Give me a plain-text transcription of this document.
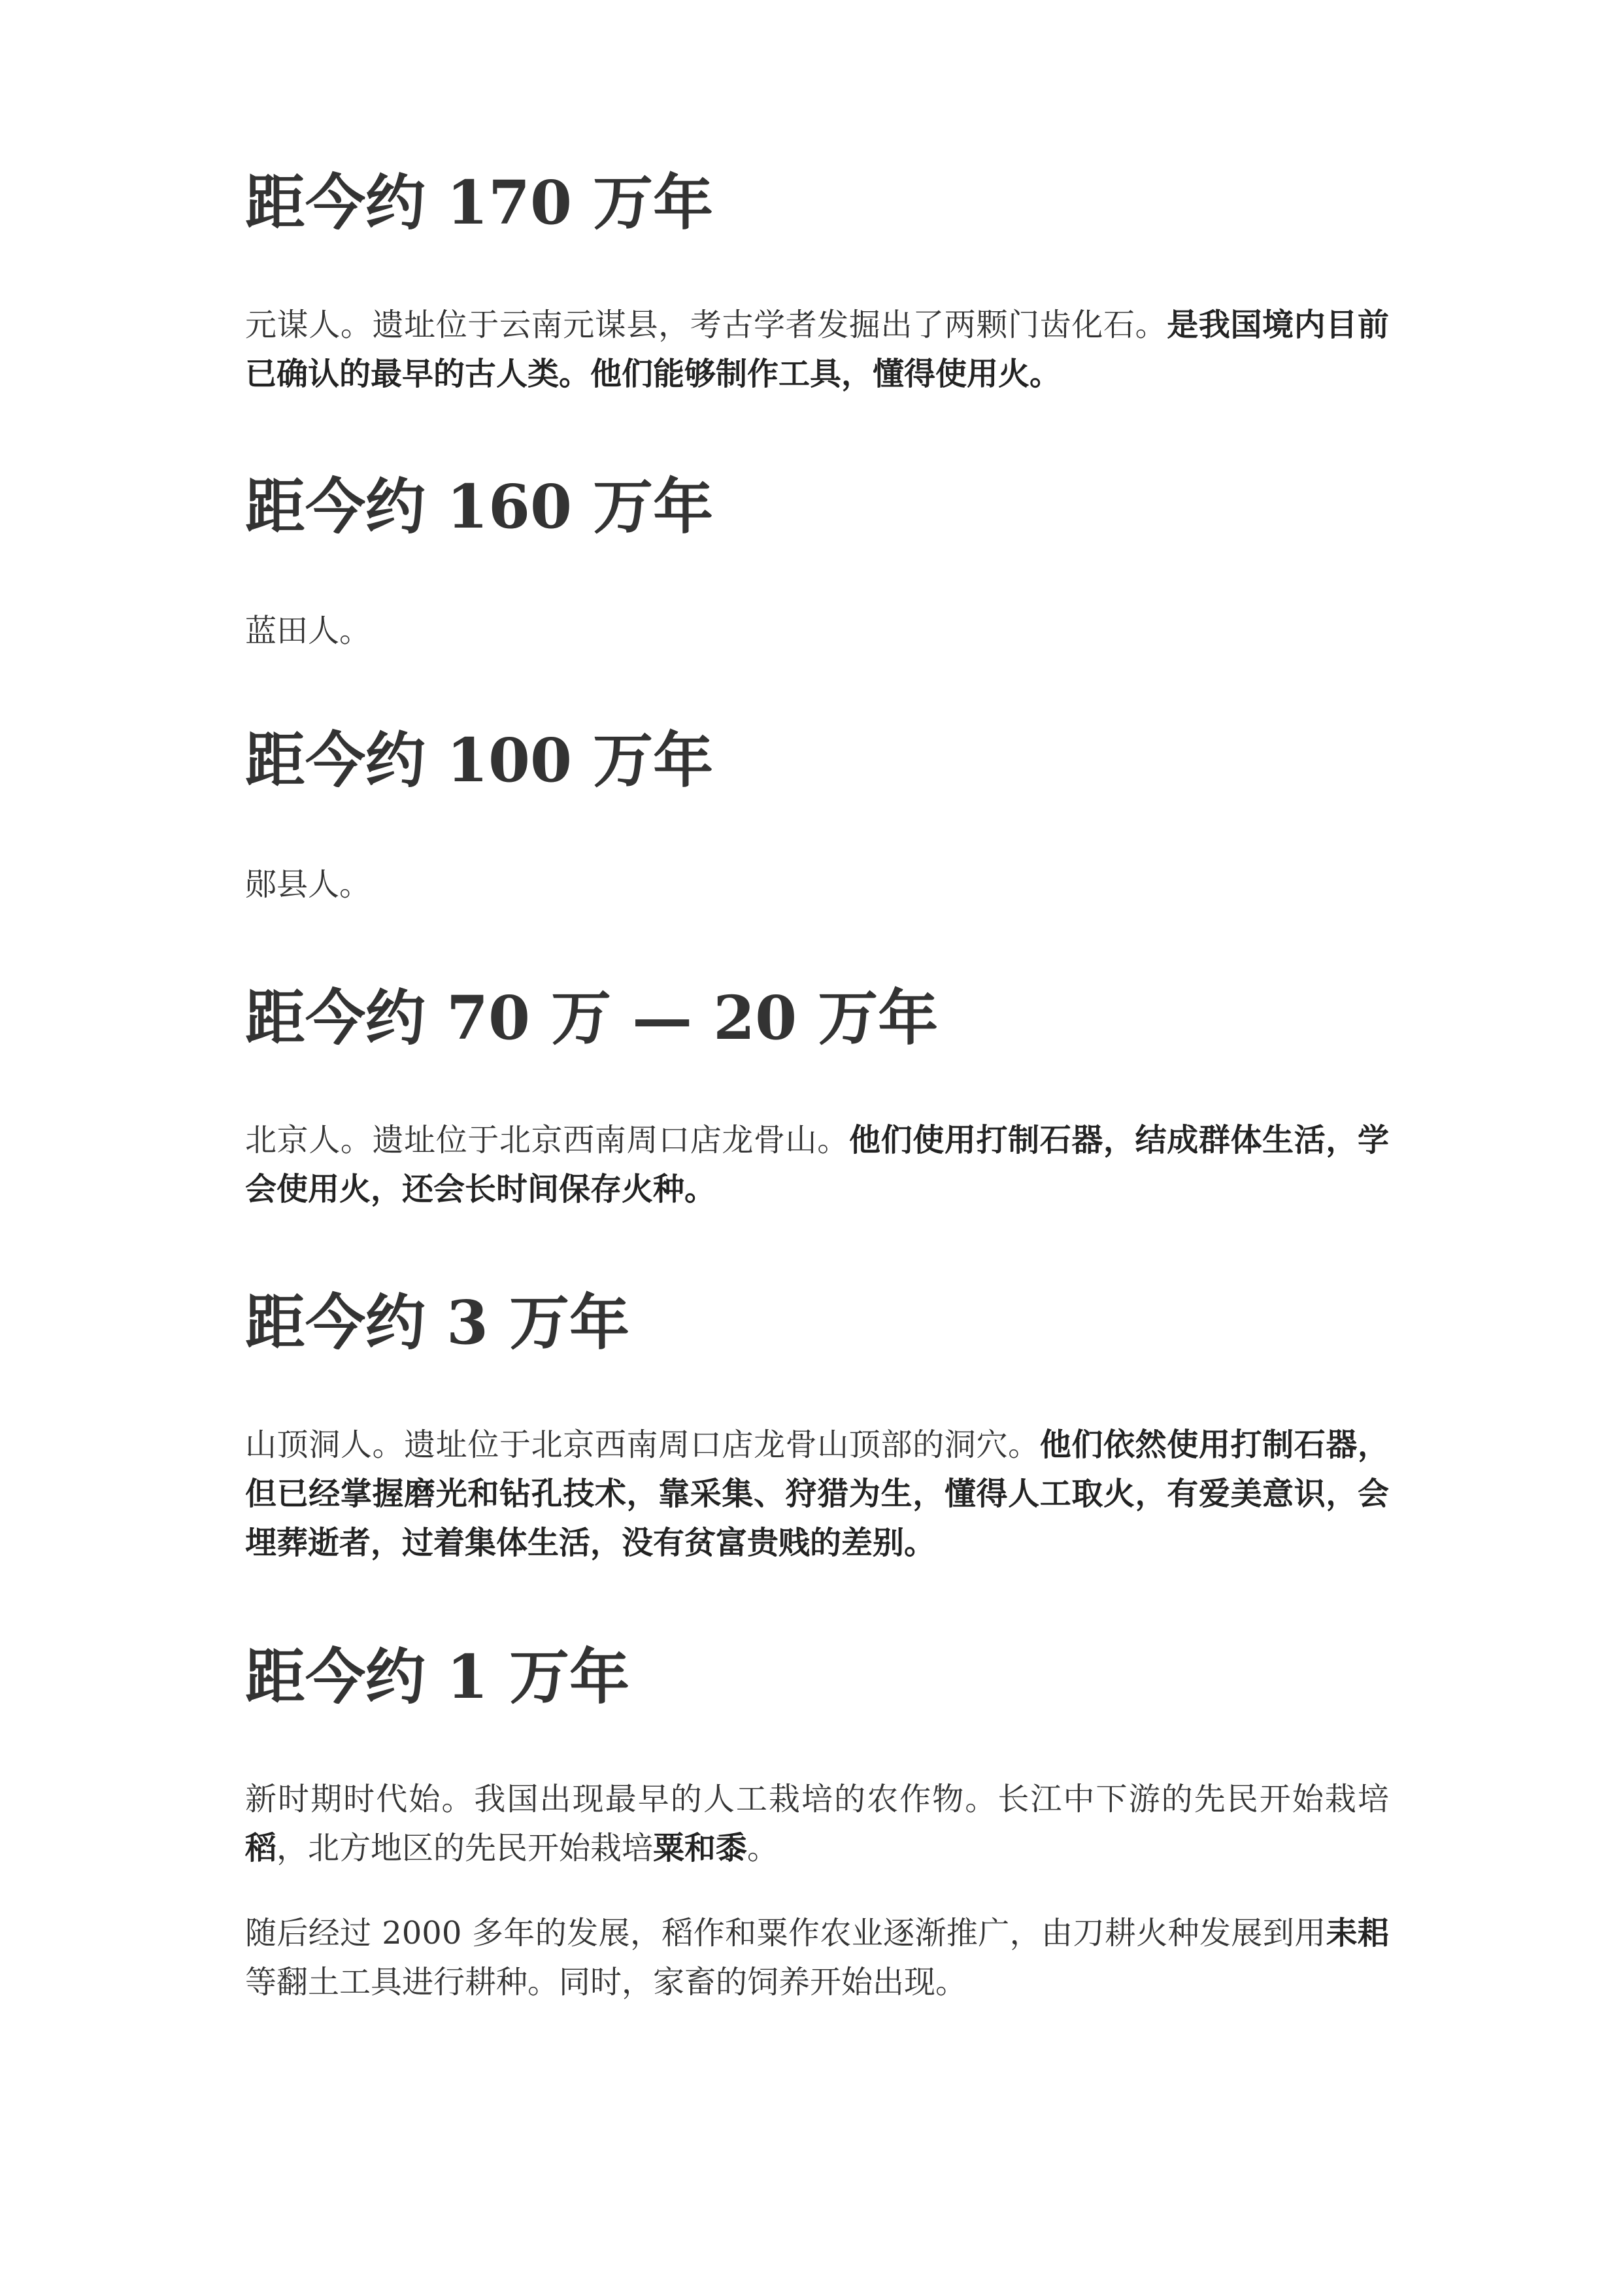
距今约 170 万年

元谋人。遗址位于云南元谋县，考古学者发掘出了两颗门齿化石。是我国境内目前已确认的最早的古人类。他们能够制作工具，懂得使用火。

距今约 160 万年

蓝田人。

距今约 100 万年

郧县人。

距今约 70 万 — 20 万年

北京人。遗址位于北京西南周口店龙骨山。他们使用打制石器，结成群体生活，学会使用火，还会长时间保存火种。

距今约 3 万年

山顶洞人。遗址位于北京西南周口店龙骨山顶部的洞穴。他们依然使用打制石器，但已经掌握磨光和钻孔技术，靠采集、狩猎为生，懂得人工取火，有爱美意识，会埋葬逝者，过着集体生活，没有贫富贵贱的差别。

距今约 1 万年

新时期时代始。我国出现最早的人工栽培的农作物。长江中下游的先民开始栽培稻，北方地区的先民开始栽培粟和黍。

随后经过 2000 多年的发展，稻作和粟作农业逐渐推广，由刀耕火种发展到用耒耜等翻土工具进行耕种。同时，家畜的饲养开始出现。
